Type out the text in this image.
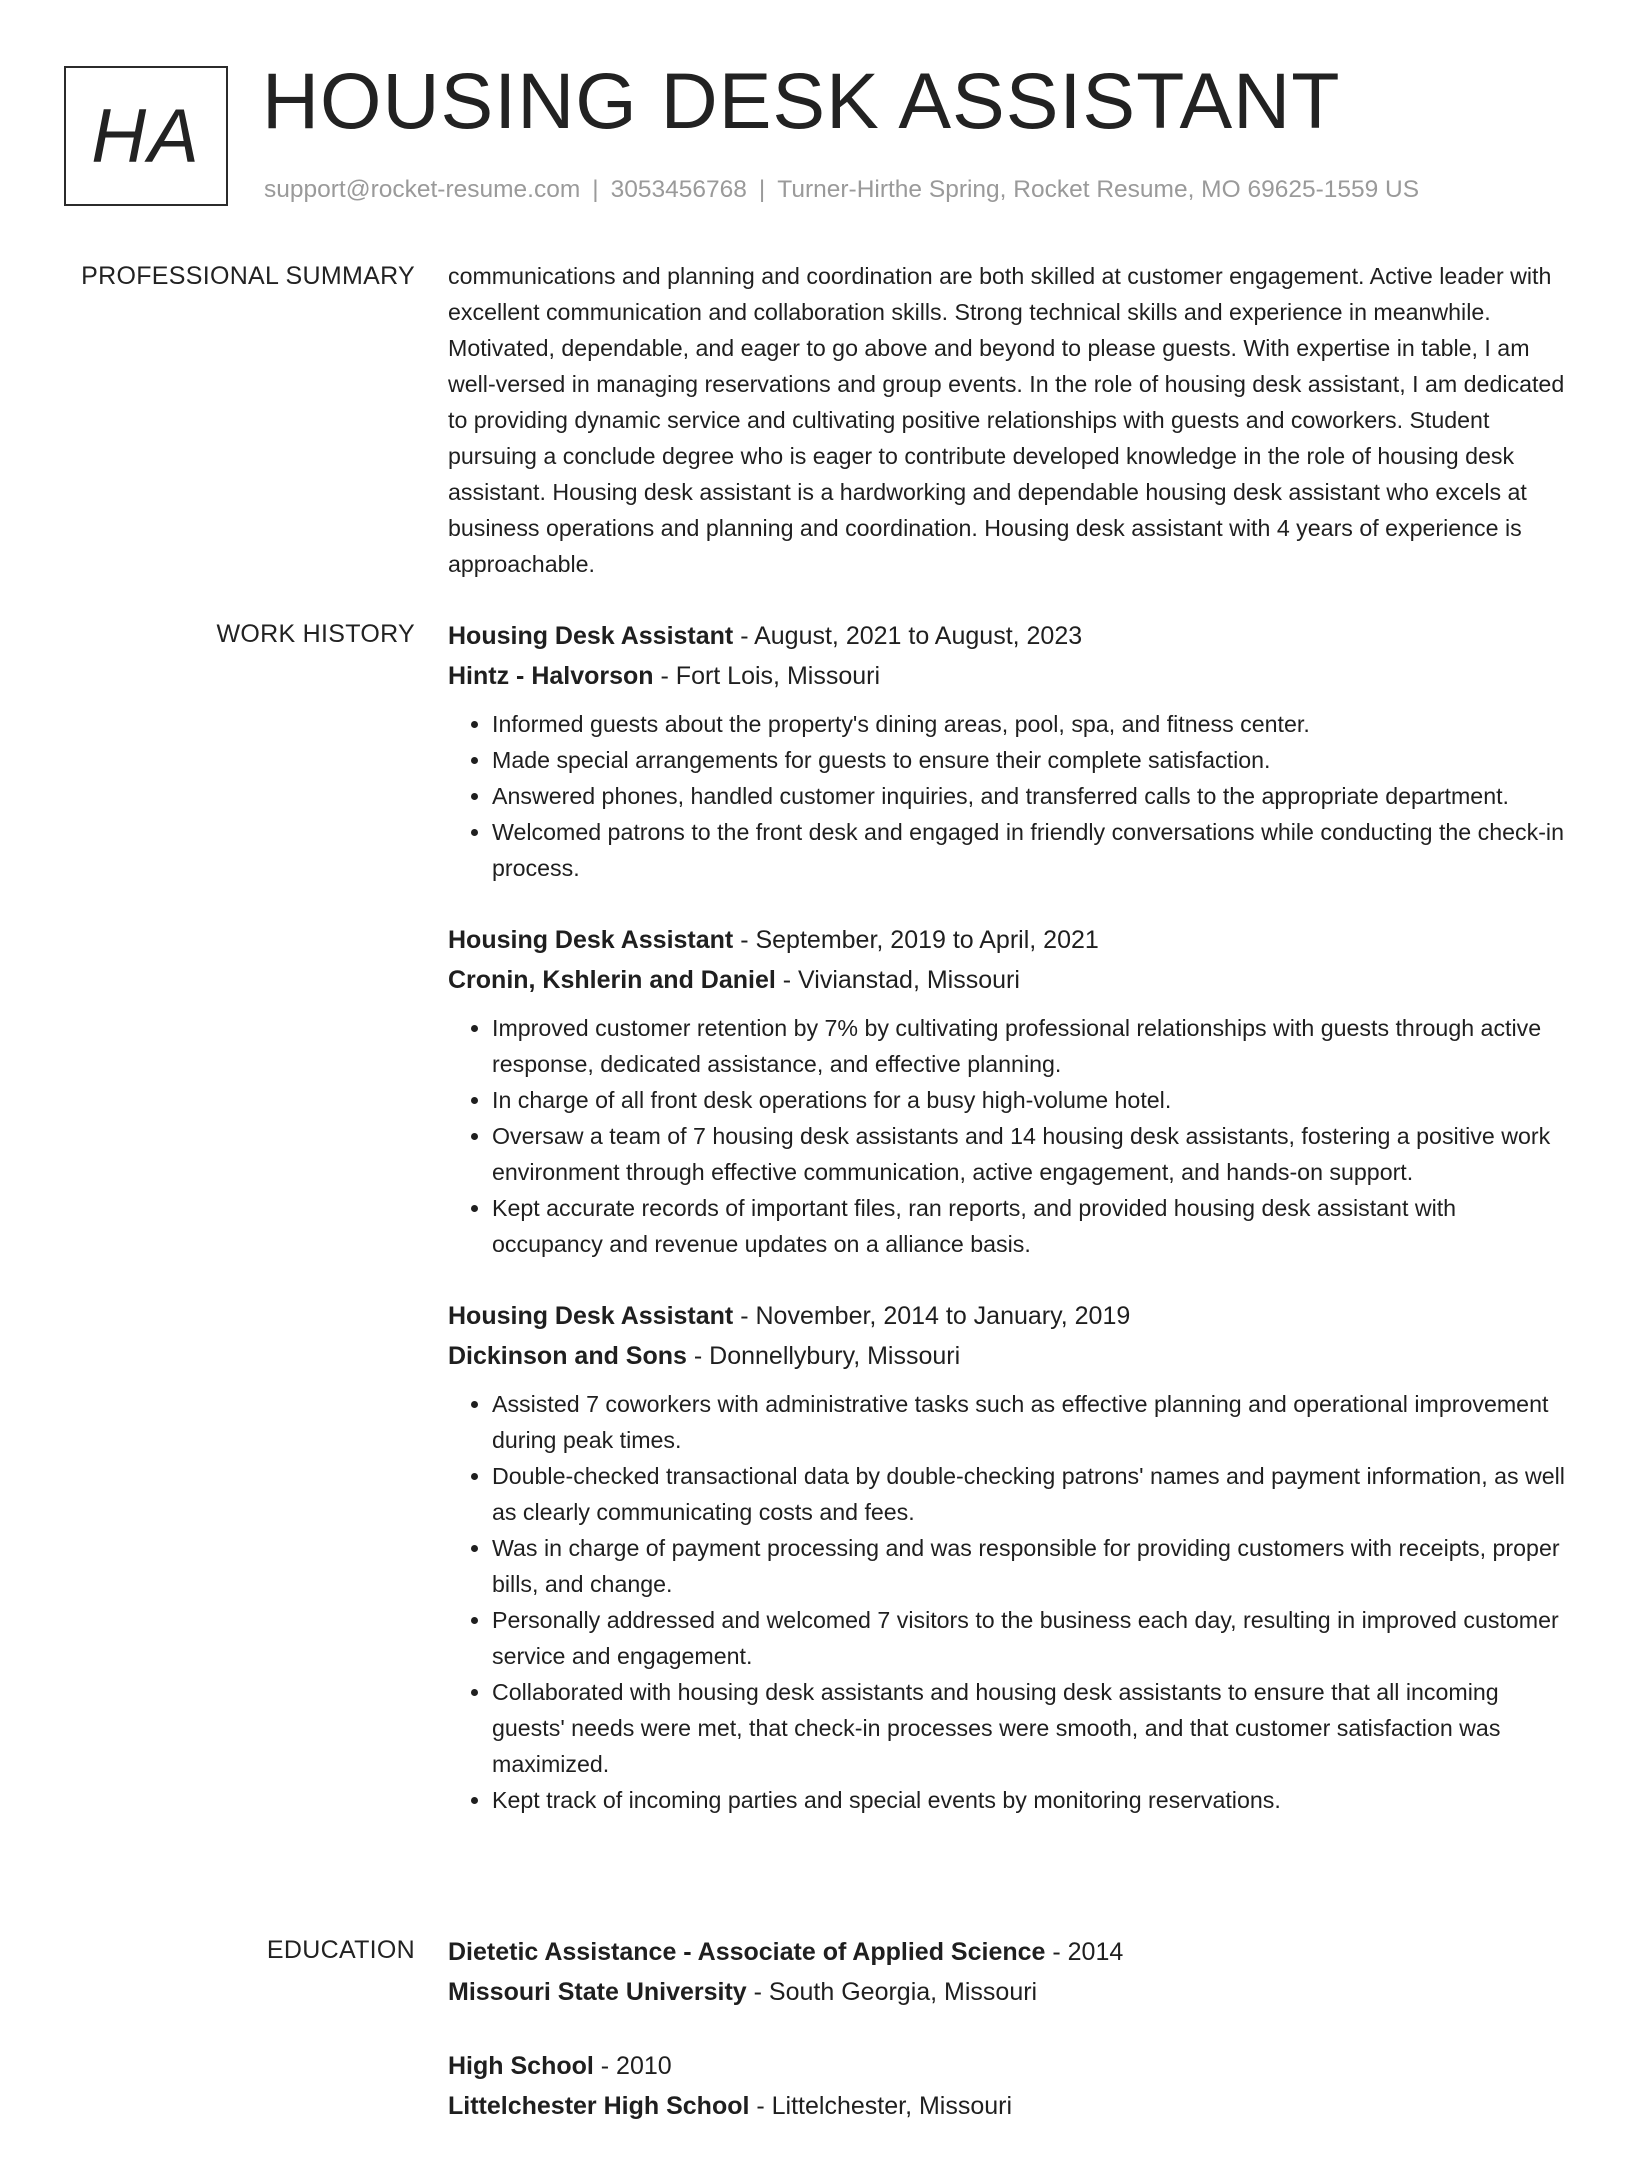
HA HOUSING DESK ASSISTANT
support@rocket-resume.com | 3053456768 | Turner-Hirthe Spring, Rocket Resume, MO 69625-1559 US
PROFESSIONAL SUMMARY communications and planning and coordination are both skilled at customer engagement. Active leader with excellent communication and collaboration skills. Strong technical skills and experience in meanwhile. Motivated, dependable, and eager to go above and beyond to please guests. With expertise in table, I am well-versed in managing reservations and group events. In the role of housing desk assistant, I am dedicated to providing dynamic service and cultivating positive relationships with guests and coworkers. Student pursuing a conclude degree who is eager to contribute developed knowledge in the role of housing desk assistant. Housing desk assistant is a hardworking and dependable housing desk assistant who excels at business operations and planning and coordination. Housing desk assistant with 4 years of experience is approachable.

WORK HISTORY Housing Desk Assistant - August, 2021 to August, 2023
Hintz - Halvorson - Fort Lois, Missouri
• Informed guests about the property's dining areas, pool, spa, and fitness center.
• Made special arrangements for guests to ensure their complete satisfaction.
• Answered phones, handled customer inquiries, and transferred calls to the appropriate department.
• Welcomed patrons to the front desk and engaged in friendly conversations while conducting the check-in process.
Housing Desk Assistant - September, 2019 to April, 2021
Cronin, Kshlerin and Daniel - Vivianstad, Missouri
• Improved customer retention by 7% by cultivating professional relationships with guests through active response, dedicated assistance, and effective planning.
• In charge of all front desk operations for a busy high-volume hotel.
• Oversaw a team of 7 housing desk assistants and 14 housing desk assistants, fostering a positive work environment through effective communication, active engagement, and hands-on support.
• Kept accurate records of important files, ran reports, and provided housing desk assistant with occupancy and revenue updates on a alliance basis.
Housing Desk Assistant - November, 2014 to January, 2019
Dickinson and Sons - Donnellybury, Missouri
• Assisted 7 coworkers with administrative tasks such as effective planning and operational improvement during peak times.
• Double-checked transactional data by double-checking patrons' names and payment information, as well as clearly communicating costs and fees.
• Was in charge of payment processing and was responsible for providing customers with receipts, proper bills, and change.
• Personally addressed and welcomed 7 visitors to the business each day, resulting in improved customer service and engagement.
• Collaborated with housing desk assistants and housing desk assistants to ensure that all incoming guests' needs were met, that check-in processes were smooth, and that customer satisfaction was maximized.
• Kept track of incoming parties and special events by monitoring reservations.
EDUCATION Dietetic Assistance - Associate of Applied Science - 2014
Missouri State University - South Georgia, Missouri
High School - 2010
Littelchester High School - Littelchester, Missouri
